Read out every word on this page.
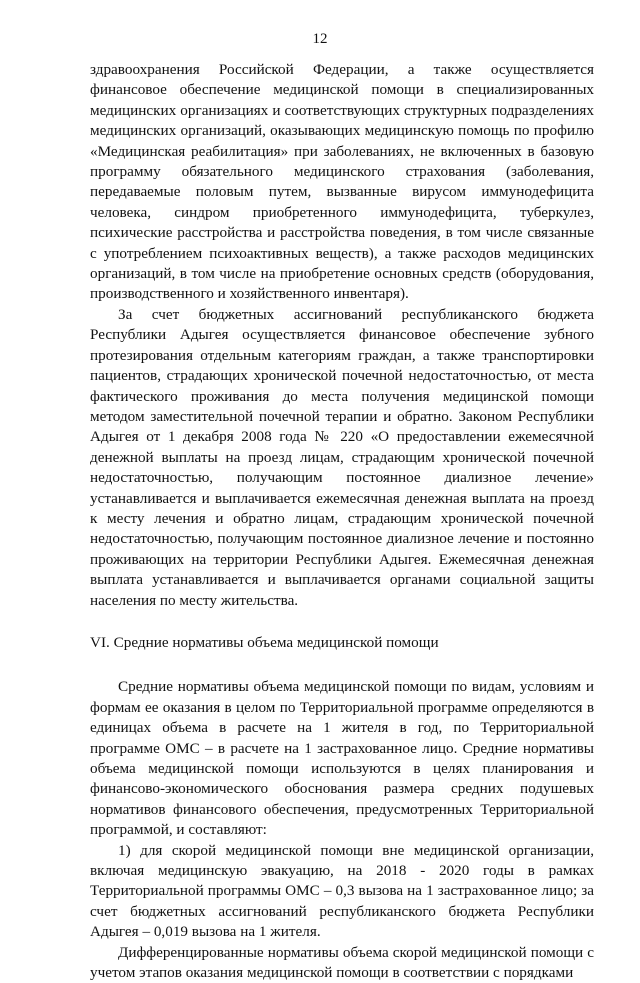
12

здравоохранения Российской Федерации, а также осуществляется финансовое обеспечение медицинской помощи в специализированных медицинских организациях и соответствующих структурных подразделениях медицинских организаций, оказывающих медицинскую помощь по профилю «Медицинская реабилитация» при заболеваниях, не включенных в базовую программу обязательного медицинского страхования (заболевания, передаваемые половым путем, вызванные вирусом иммунодефицита человека, синдром приобретенного иммунодефицита, туберкулез, психические расстройства и расстройства поведения, в том числе связанные с употреблением психоактивных веществ), а также расходов медицинских организаций, в том числе на приобретение основных средств (оборудования, производственного и хозяйственного инвентаря).

За счет бюджетных ассигнований республиканского бюджета Республики Адыгея осуществляется финансовое обеспечение зубного протезирования отдельным категориям граждан, а также транспортировки пациентов, страдающих хронической почечной недостаточностью, от места фактического проживания до места получения медицинской помощи методом заместительной почечной терапии и обратно. Законом Республики Адыгея от 1 декабря 2008 года № 220 «О предоставлении ежемесячной денежной выплаты на проезд лицам, страдающим хронической почечной недостаточностью, получающим постоянное диализное лечение» устанавливается и выплачивается ежемесячная денежная выплата на проезд к месту лечения и обратно лицам, страдающим хронической почечной недостаточностью, получающим постоянное диализное лечение и постоянно проживающих на территории Республики Адыгея. Ежемесячная денежная выплата устанавливается и выплачивается органами социальной защиты населения по месту жительства.

VI. Средние нормативы объема медицинской помощи

Средние нормативы объема медицинской помощи по видам, условиям и формам ее оказания в целом по Территориальной программе определяются в единицах объема в расчете на 1 жителя в год, по Территориальной программе ОМС – в расчете на 1 застрахованное лицо. Средние нормативы объема медицинской помощи используются в целях планирования и финансово-экономического обоснования размера средних подушевых нормативов финансового обеспечения, предусмотренных Территориальной программой, и составляют:

1) для скорой медицинской помощи вне медицинской организации, включая медицинскую эвакуацию, на 2018 - 2020 годы в рамках Территориальной программы ОМС – 0,3 вызова на 1 застрахованное лицо; за счет бюджетных ассигнований республиканского бюджета Республики Адыгея – 0,019 вызова на 1 жителя.

Дифференцированные нормативы объема скорой медицинской помощи с учетом этапов оказания медицинской помощи в соответствии с порядками
